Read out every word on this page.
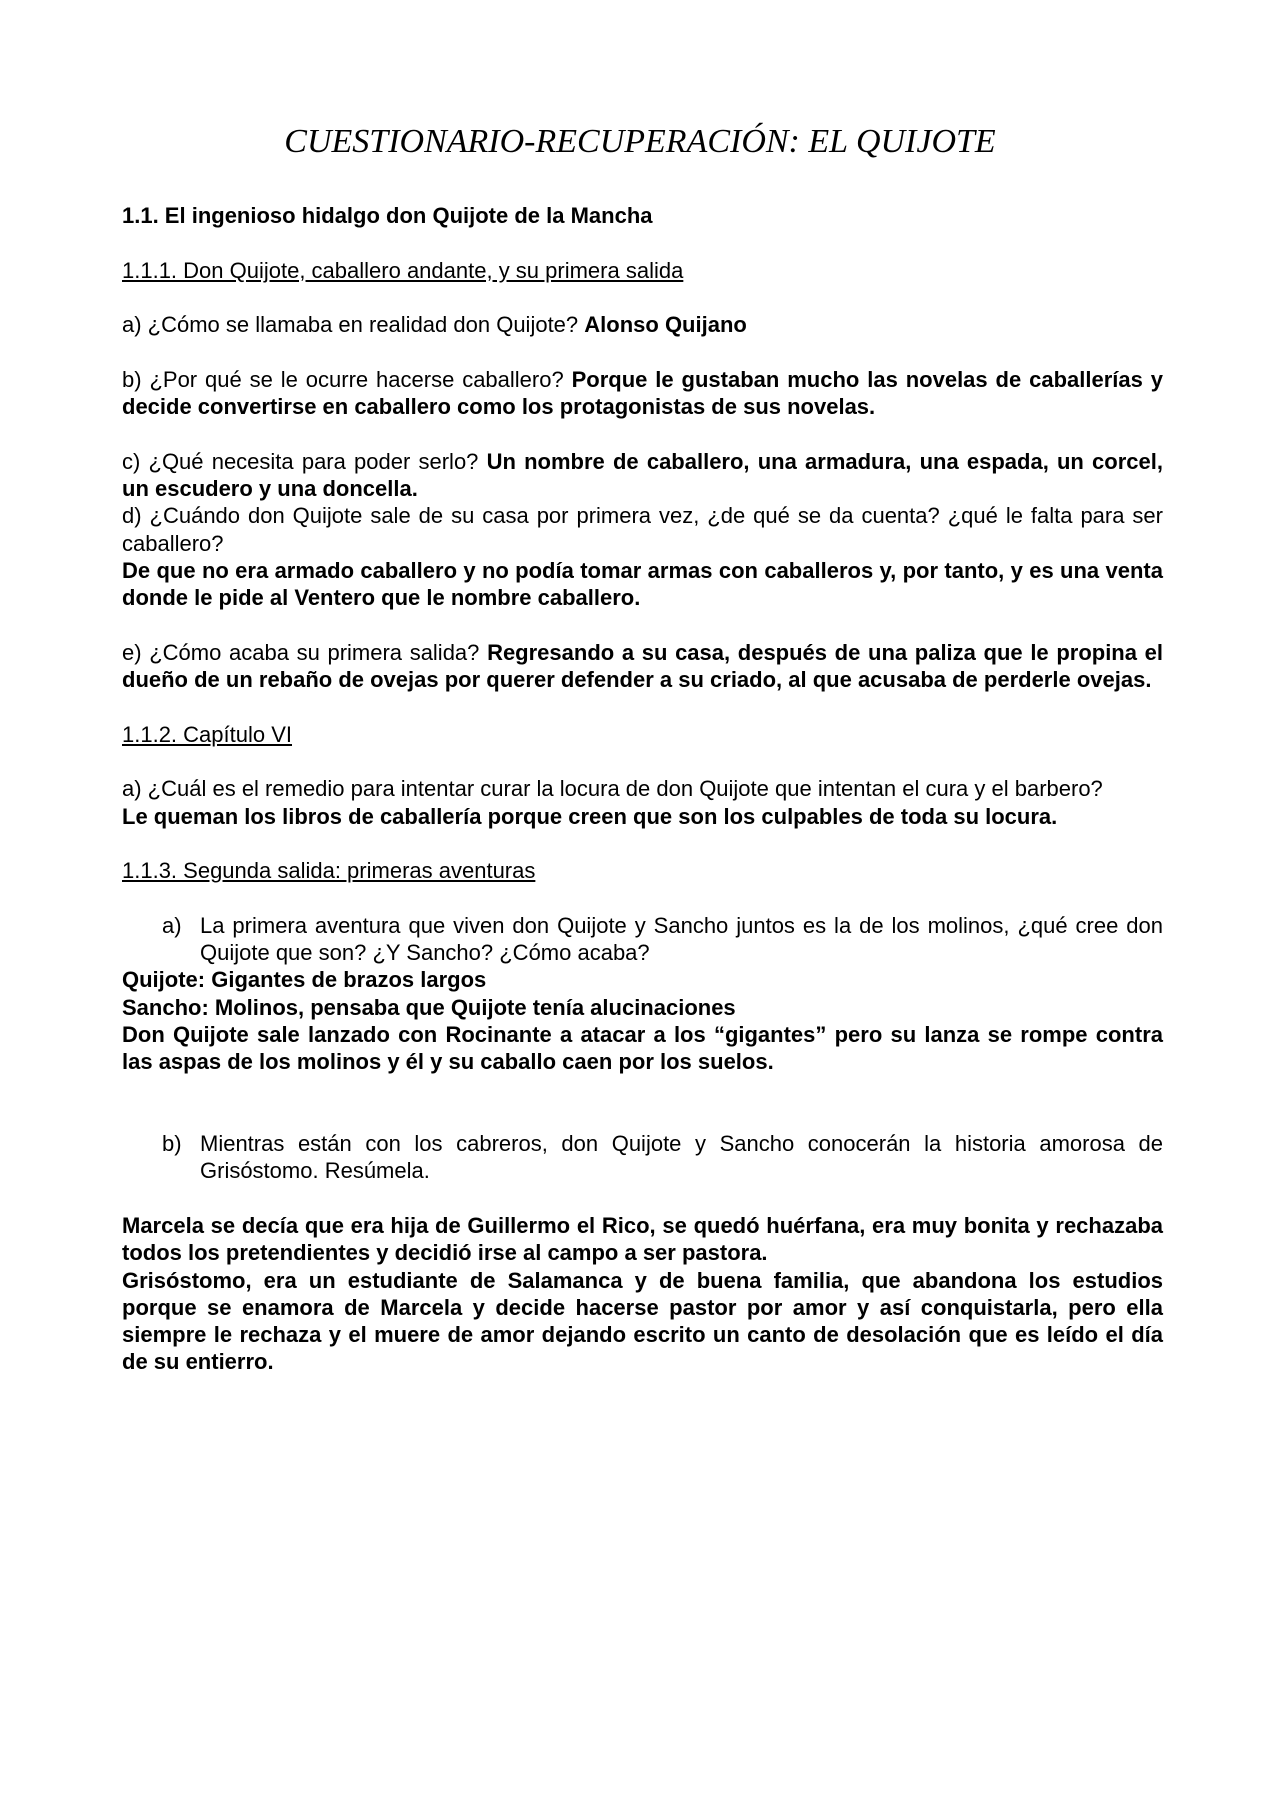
CUESTIONARIO-RECUPERACIÓN: EL QUIJOTE

1.1. El ingenioso hidalgo don Quijote de la Mancha

1.1.1. Don Quijote, caballero andante, y su primera salida

a) ¿Cómo se llamaba en realidad don Quijote? Alonso Quijano

b) ¿Por qué se le ocurre hacerse caballero? Porque le gustaban mucho las novelas de caballerías y decide convertirse en caballero como los protagonistas de sus novelas.

c) ¿Qué necesita para poder serlo? Un nombre de caballero, una armadura, una espada, un corcel, un escudero y una doncella.

d) ¿Cuándo don Quijote sale de su casa por primera vez, ¿de qué se da cuenta? ¿qué le falta para ser caballero?

De que no era armado caballero y no podía tomar armas con caballeros y, por tanto, y es una venta donde le pide al Ventero que le nombre caballero.

e) ¿Cómo acaba su primera salida? Regresando a su casa, después de una paliza que le propina el dueño de un rebaño de ovejas por querer defender a su criado, al que acusaba de perderle ovejas.

1.1.2. Capítulo VI

a) ¿Cuál es el remedio para intentar curar la locura de don Quijote que intentan el cura y el barbero?

Le queman los libros de caballería porque creen que son los culpables de toda su locura.

1.1.3. Segunda salida: primeras aventuras

a) La primera aventura que viven don Quijote y Sancho juntos es la de los molinos, ¿qué cree don Quijote que son? ¿Y Sancho? ¿Cómo acaba?

Quijote: Gigantes de brazos largos

Sancho: Molinos, pensaba que Quijote tenía alucinaciones

Don Quijote sale lanzado con Rocinante a atacar a los “gigantes” pero su lanza se rompe contra las aspas de los molinos y él y su caballo caen por los suelos.

b) Mientras están con los cabreros, don Quijote y Sancho conocerán la historia amorosa de Grisóstomo. Resúmela.

Marcela se decía que era hija de Guillermo el Rico, se quedó huérfana, era muy bonita y rechazaba todos los pretendientes y decidió irse al campo a ser pastora.

Grisóstomo, era un estudiante de Salamanca y de buena familia, que abandona los estudios porque se enamora de Marcela y decide hacerse pastor por amor y así conquistarla, pero ella siempre le rechaza y el muere de amor dejando escrito un canto de desolación que es leído el día de su entierro.
